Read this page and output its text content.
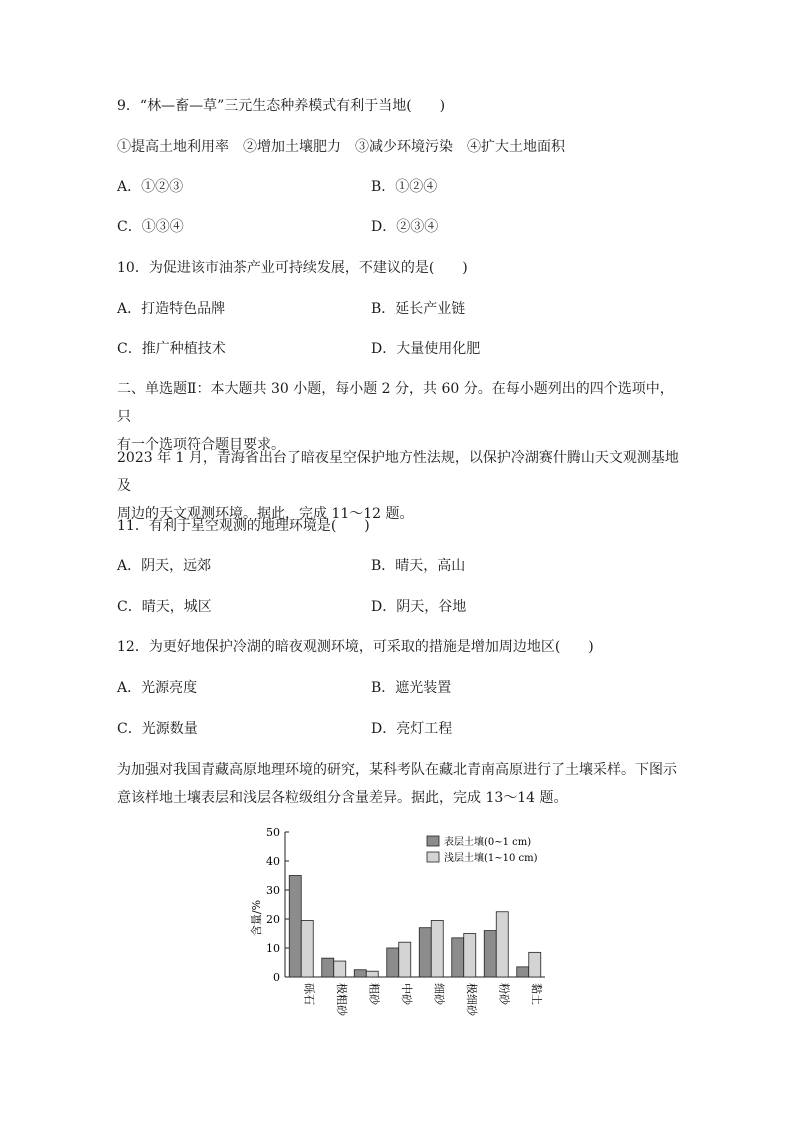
9．“林—畜—草”三元生态种养模式有利于当地(　　)
①提高土地利用率　②增加土壤肥力　③减少环境污染　④扩大土地面积
A．①②③	B．①②④
C．①③④	D．②③④
10．为促进该市油茶产业可持续发展，不建议的是(　　)
A．打造特色品牌	B．延长产业链
C．推广种植技术	D．大量使用化肥
二、单选题Ⅱ：本大题共 30 小题，每小题 2 分，共 60 分。在每小题列出的四个选项中，只
有一个选项符合题目要求。
2023 年 1 月，青海省出台了暗夜星空保护地方性法规，以保护冷湖赛什腾山天文观测基地及
周边的天文观测环境。据此，完成 11～12 题。
11．有利于星空观测的地理环境是(　　)
A．阴天，远郊	B．晴天，高山
C．晴天，城区	D．阴天，谷地
12．为更好地保护冷湖的暗夜观测环境，可采取的措施是增加周边地区(　　)
A．光源亮度	B．遮光装置
C．光源数量	D．亮灯工程
为加强对我国青藏高原地理环境的研究，某科考队在藏北青南高原进行了土壤采样。下图示
意该样地土壤表层和浅层各粒级组分含量差异。据此，完成 13～14 题。
0
10
20
30
40
50
砾石 极粗砂 粗砂 中砂 细砂 极细砂 粉砂 黏土
表层土壤(0~1 cm)
浅层土壤(1~10 cm)
含量/%
